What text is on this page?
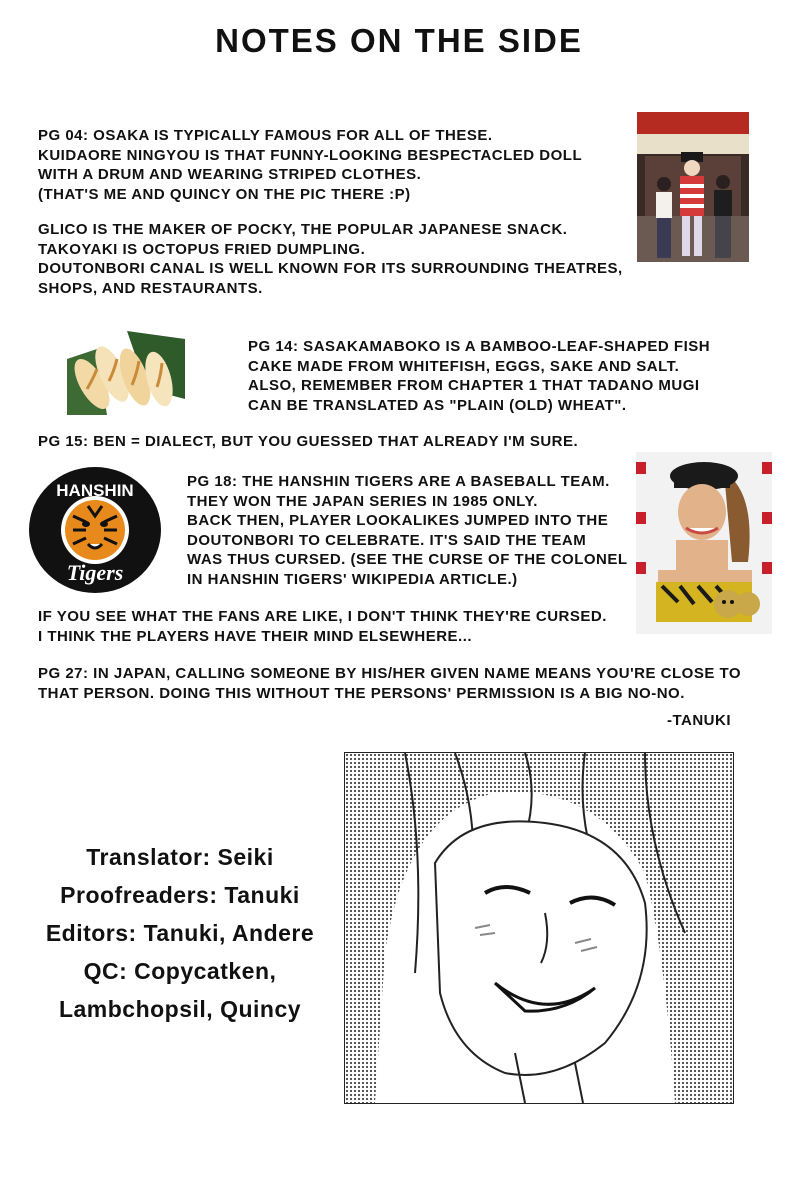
NOTES ON THE SIDE
PG 04: OSAKA IS TYPICALLY FAMOUS FOR ALL OF THESE.
KUIDAORE NINGYOU IS THAT FUNNY-LOOKING BESPECTACLED DOLL
WITH A DRUM AND WEARING STRIPED CLOTHES.
(THAT'S ME AND QUINCY ON THE PIC THERE :P)
GLICO IS THE MAKER OF POCKY, THE POPULAR JAPANESE SNACK.
TAKOYAKI IS OCTOPUS FRIED DUMPLING.
DOUTONBORI CANAL IS WELL KNOWN FOR ITS SURROUNDING THEATRES,
SHOPS, AND RESTAURANTS.
PG 14: SASAKAMABOKO IS A BAMBOO-LEAF-SHAPED FISH
CAKE MADE FROM WHITEFISH, EGGS, SAKE AND SALT.
ALSO, REMEMBER FROM CHAPTER 1 THAT TADANO MUGI
CAN BE TRANSLATED AS "PLAIN (OLD) WHEAT".
PG 15: BEN = DIALECT, BUT YOU GUESSED THAT ALREADY I'M SURE.
HANSHIN
Tigers
PG 18: THE HANSHIN TIGERS ARE A BASEBALL TEAM.
THEY WON THE JAPAN SERIES IN 1985 ONLY.
BACK THEN, PLAYER LOOKALIKES JUMPED INTO THE
DOUTONBORI TO CELEBRATE. IT'S SAID THE TEAM
WAS THUS CURSED. (SEE THE CURSE OF THE COLONEL
IN HANSHIN TIGERS' WIKIPEDIA ARTICLE.)
IF YOU SEE WHAT THE FANS ARE LIKE, I DON'T THINK THEY'RE CURSED.
I THINK THE PLAYERS HAVE THEIR MIND ELSEWHERE...
PG 27: IN JAPAN, CALLING SOMEONE BY HIS/HER GIVEN NAME MEANS YOU'RE CLOSE TO
THAT PERSON. DOING THIS WITHOUT THE PERSONS' PERMISSION IS A BIG NO-NO.
-TANUKI
Translator: Seiki
Proofreaders: Tanuki
Editors: Tanuki, Andere
QC: Copycatken,
Lambchopsil, Quincy
